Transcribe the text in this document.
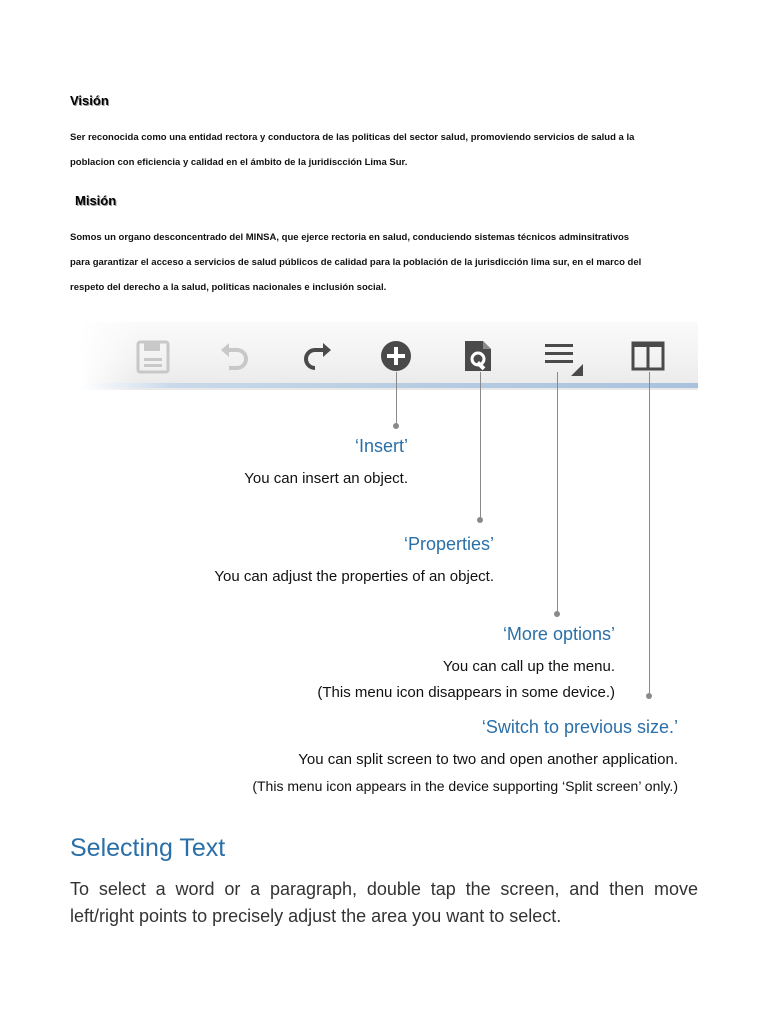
Visión
Ser reconocida como una entidad rectora y conductora de las politicas del sector salud, promoviendo servicios de salud a la
poblacion con eficiencia y calidad en el ámbito de la juridiscción Lima Sur.
Misión
Somos un organo desconcentrado del MINSA, que ejerce rectoria en salud, conduciendo sistemas técnicos adminsitrativos
para garantizar el acceso a servicios de salud públicos de calidad para la población de la jurisdicción lima sur, en el marco del
respeto del derecho a la salud, politicas nacionales e inclusión social.
‘Insert’
You can insert an object.
‘Properties’
You can adjust the properties of an object.
‘More options’
You can call up the menu.
(This menu icon disappears in some device.)
‘Switch to previous size.’
You can split screen to two and open another application.
(This menu icon appears in the device supporting ‘Split screen’ only.)
Selecting Text
To select a word or a paragraph, double tap the screen, and then move left/right points to precisely adjust the area you want to select.
